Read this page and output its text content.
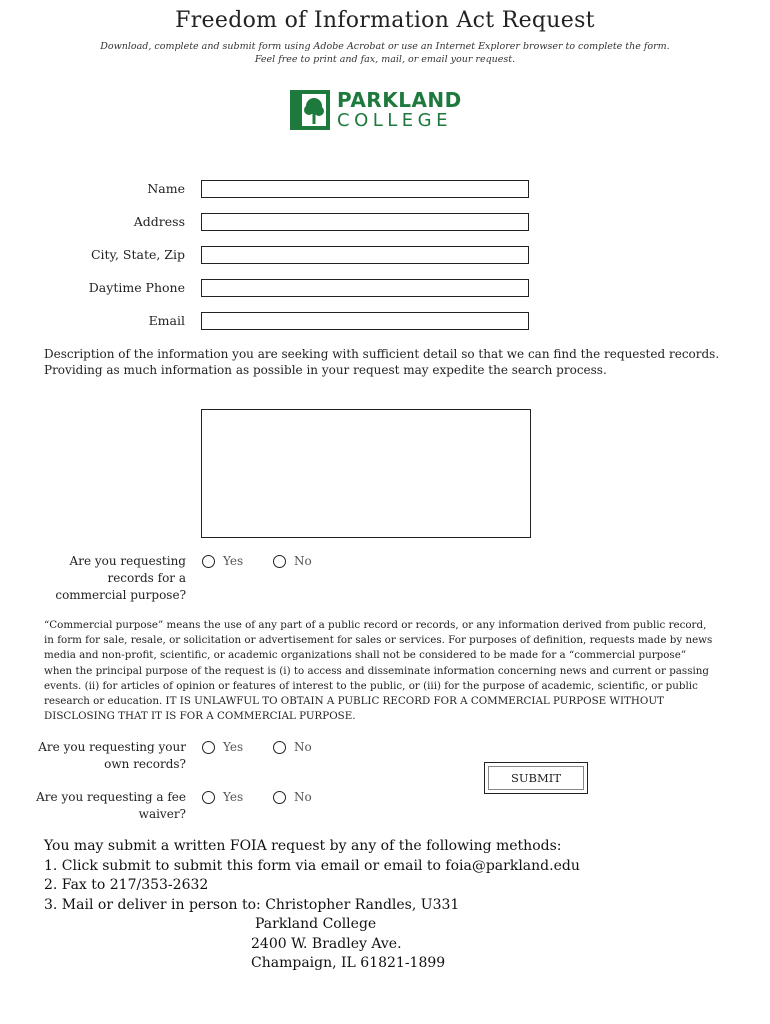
Freedom of Information Act Request
Download, complete and submit form using Adobe Acrobat or use an Internet Explorer browser to complete the form.
Feel free to print and fax, mail, or email your request.
PARKLAND
COLLEGE
Name
Address
City, State, Zip
Daytime Phone
Email
Description of the information you are seeking with sufficient detail so that we can find the requested records.
Providing as much information as possible in your request may expedite the search process.
Are you requesting
records for a
commercial purpose?
Yes	No
“Commercial purpose” means the use of any part of a public record or records, or any information derived from public record,
in form for sale, resale, or solicitation or advertisement for sales or services. For purposes of definition, requests made by news
media and non-profit, scientific, or academic organizations shall not be considered to be made for a “commercial purpose”
when the principal purpose of the request is (i) to access and disseminate information concerning news and current or passing
events. (ii) for articles of opinion or features of interest to the public, or (iii) for the purpose of academic, scientific, or public
research or education. IT IS UNLAWFUL TO OBTAIN A PUBLIC RECORD FOR A COMMERCIAL PURPOSE WITHOUT
DISCLOSING THAT IT IS FOR A COMMERCIAL PURPOSE.
Are you requesting your
own records?
Yes	No
SUBMIT
Are you requesting a fee
waiver?
Yes	No
You may submit a written FOIA request by any of the following methods:
1. Click submit to submit this form via email or email to foia@parkland.edu
2. Fax to 217/353-2632
3. Mail or deliver in person to: Christopher Randles, U331
Parkland College
2400 W. Bradley Ave.
Champaign, IL 61821-1899
